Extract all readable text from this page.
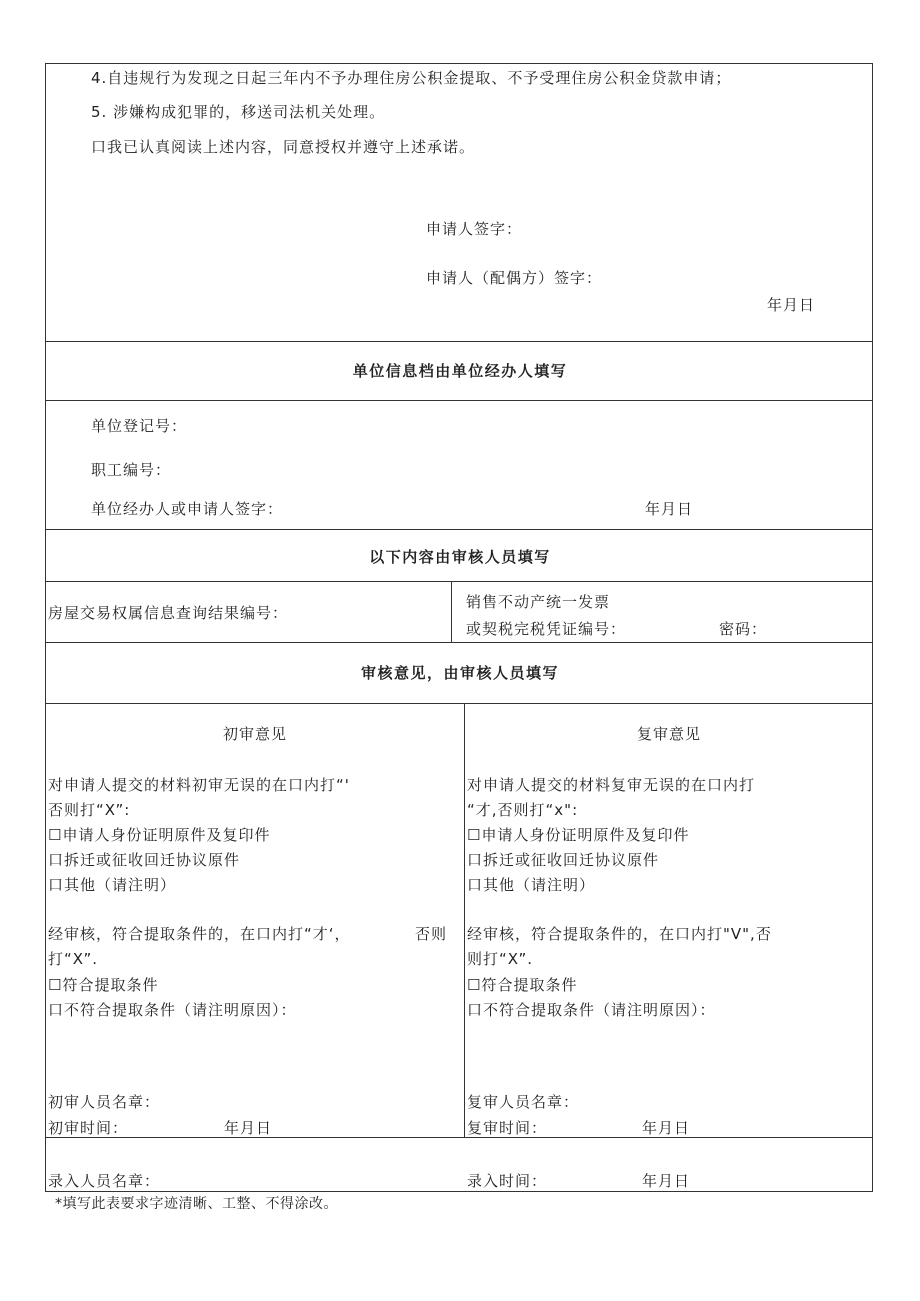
4.自违规行为发现之日起三年内不予办理住房公积金提取、不予受理住房公积金贷款申请；
5. 涉嫌构成犯罪的，移送司法机关处理。
口我已认真阅读上述内容，同意授权并遵守上述承诺。
申请人签字：
申请人（配偶方）签字：
年月日
单位信息档由单位经办人填写
单位登记号：
职工编号：
单位经办人或申请人签字：	年月日
以下内容由审核人员填写
房屋交易权属信息查询结果编号：
销售不动产统一发票
或契税完税凭证编号：	密码：
审核意见，由审核人员填写
初审意见
对申请人提交的材料初审无误的在口内打“'
否则打“X”:
☐申请人身份证明原件及复印件
口拆迁或征收回迁协议原件
口其他（请注明）
经审核，符合提取条件的，在口内打“才‘，	否则
打“X”.
☐符合提取条件
口不符合提取条件（请注明原因）：
初审人员名章：
初审时间：	年月日
复审意见
对申请人提交的材料复审无误的在口内打
“才,否则打“x":
☐申请人身份证明原件及复印件
口拆迁或征收回迁协议原件
口其他（请注明）
经审核，符合提取条件的，在口内打"V",否
则打“X”.
☐符合提取条件
口不符合提取条件（请注明原因）：
复审人员名章：
复审时间：	年月日
录入人员名章：	录入时间：	年月日
*填写此表要求字迹清晰、工整、不得涂改。
